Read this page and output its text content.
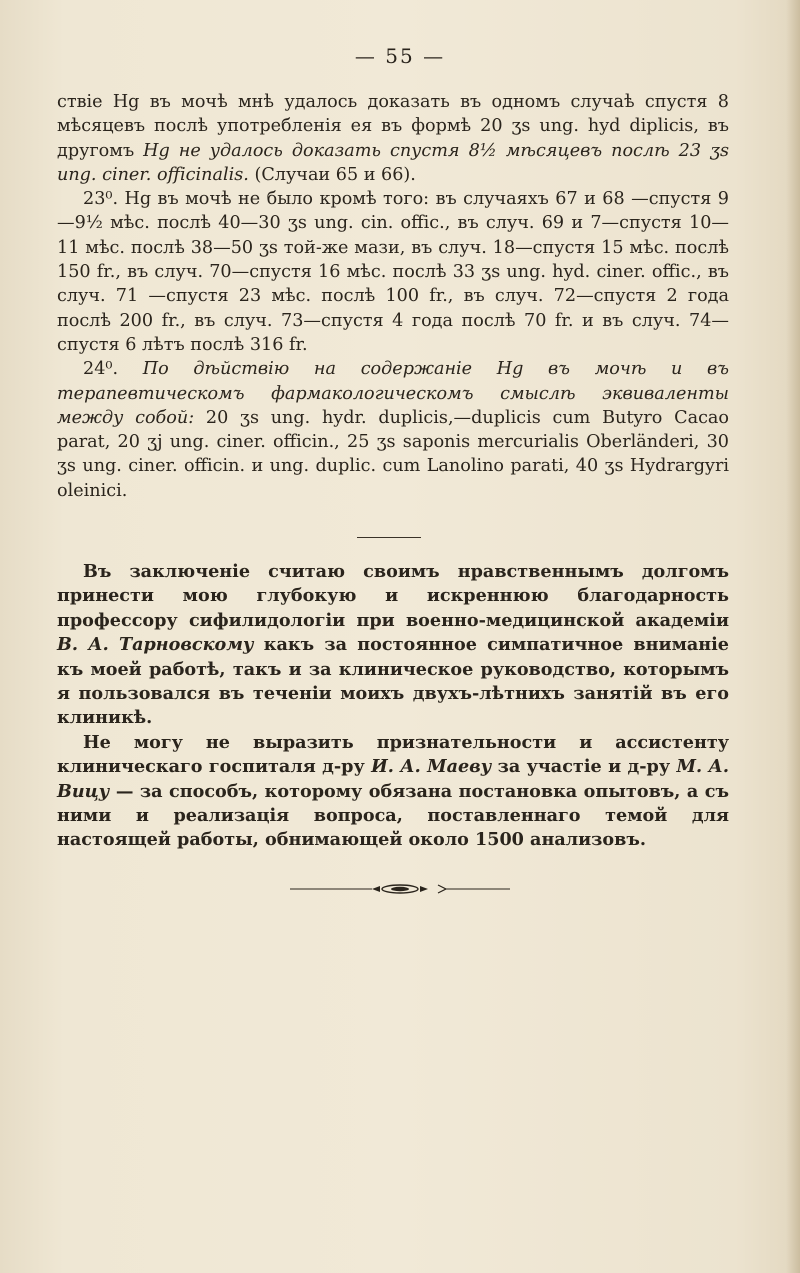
— 55 —

ствіе Hg въ мочѣ мнѣ удалось доказать въ одномъ случаѣ спустя 8 мѣсяцевъ послѣ употребленія ея въ формѣ 20 ʒs ung. hyd diplicis, въ другомъ Hg не удалось доказать спустя 8½ мѣсяцевъ послѣ 23 ʒs ung. ciner. officinalis. (Случаи 65 и 66).

23⁰. Hg въ мочѣ не было кромѣ того: въ случаяхъ 67 и 68 —спустя 9—9½ мѣс. послѣ 40—30 ʒs ung. cin. offic., въ случ. 69 и 7—спустя 10—11 мѣс. послѣ 38—50 ʒs той-же мази, въ случ. 18—спустя 15 мѣс. послѣ 150 fr., въ случ. 70—спустя 16 мѣс. послѣ 33 ʒs ung. hyd. ciner. offic., въ случ. 71 —спустя 23 мѣс. послѣ 100 fr., въ случ. 72—спустя 2 года послѣ 200 fr., въ случ. 73—спустя 4 года послѣ 70 fr. и въ случ. 74—спустя 6 лѣтъ послѣ 316 fr.

24⁰. По дѣйствію на содержаніе Hg въ мочѣ и въ терапевтическомъ фармакологическомъ смыслѣ эквиваленты между собой: 20 ʒs ung. hydr. duplicis,—duplicis cum Butyro Cacao parat, 20 ʒj ung. ciner. officin., 25 ʒs saponis mercurialis Oberländeri, 30 ʒs ung. ciner. officin. и ung. dupliс. cum Lanolino parati, 40 ʒs Hydrargyri oleinici.

Въ заключеніе считаю своимъ нравственнымъ долгомъ принести мою глубокую и искреннюю благодарность профессору сифилидологіи при военно-медицинской академіи В. А. Тарновскому какъ за постоянное симпатичное вниманіе къ моей работѣ, такъ и за клиническое руководство, которымъ я пользовался въ теченіи моихъ двухъ-лѣтнихъ занятій въ его клиникѣ.

Не могу не выразить признательности и ассистенту клиническаго госпиталя д-ру И. А. Маеву за участіе и д-ру М. А. Вицу — за способъ, которому обязана постановка опытовъ, а съ ними и реализація вопроса, поставленнаго темой для настоящей работы, обнимающей около 1500 анализовъ.
